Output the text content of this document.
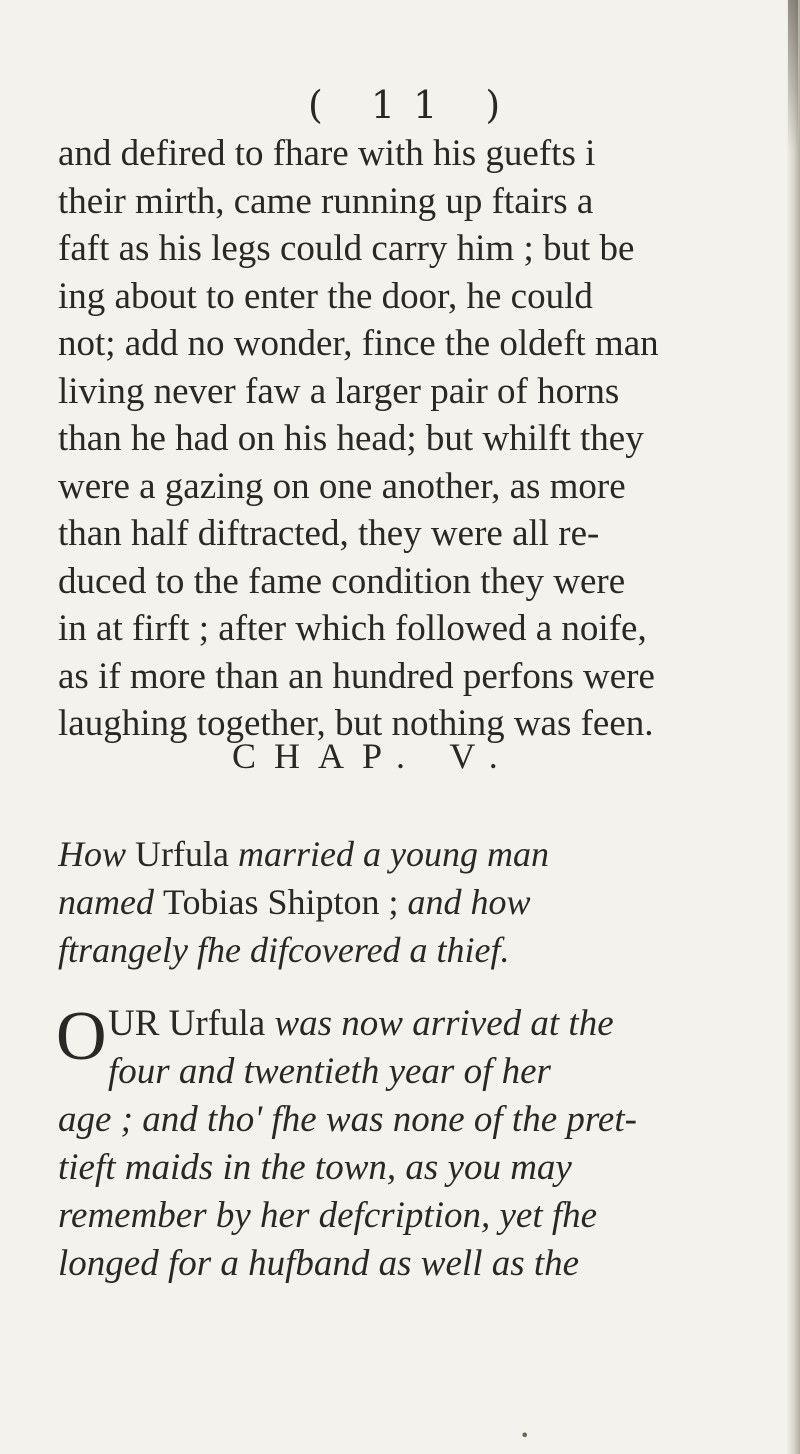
( 11 )
and defired to fhare with his guefts i
their mirth, came running up ftairs a
faft as his legs could carry him ; but be
ing about to enter the door, he could
not; add no wonder, fince the oldeft man
living never faw a larger pair of horns
than he had on his head; but whilft they
were a gazing on one another, as more
than half diftracted, they were all re-
duced to the fame condition they were
in at firft ; after which followed a noife,
as if more than an hundred perfons were
laughing together, but nothing was feen.
CHAP. V.
How Urfula married a young man
named Tobias Shipton ; and how
ftrangely fhe difcovered a thief.
O UR Urfula was now arrived at the
four and twentieth year of her
age ; and tho' fhe was none of the pret-
tieft maids in the town, as you may
remember by her defcription, yet fhe
longed for a hufband as well as the
•
